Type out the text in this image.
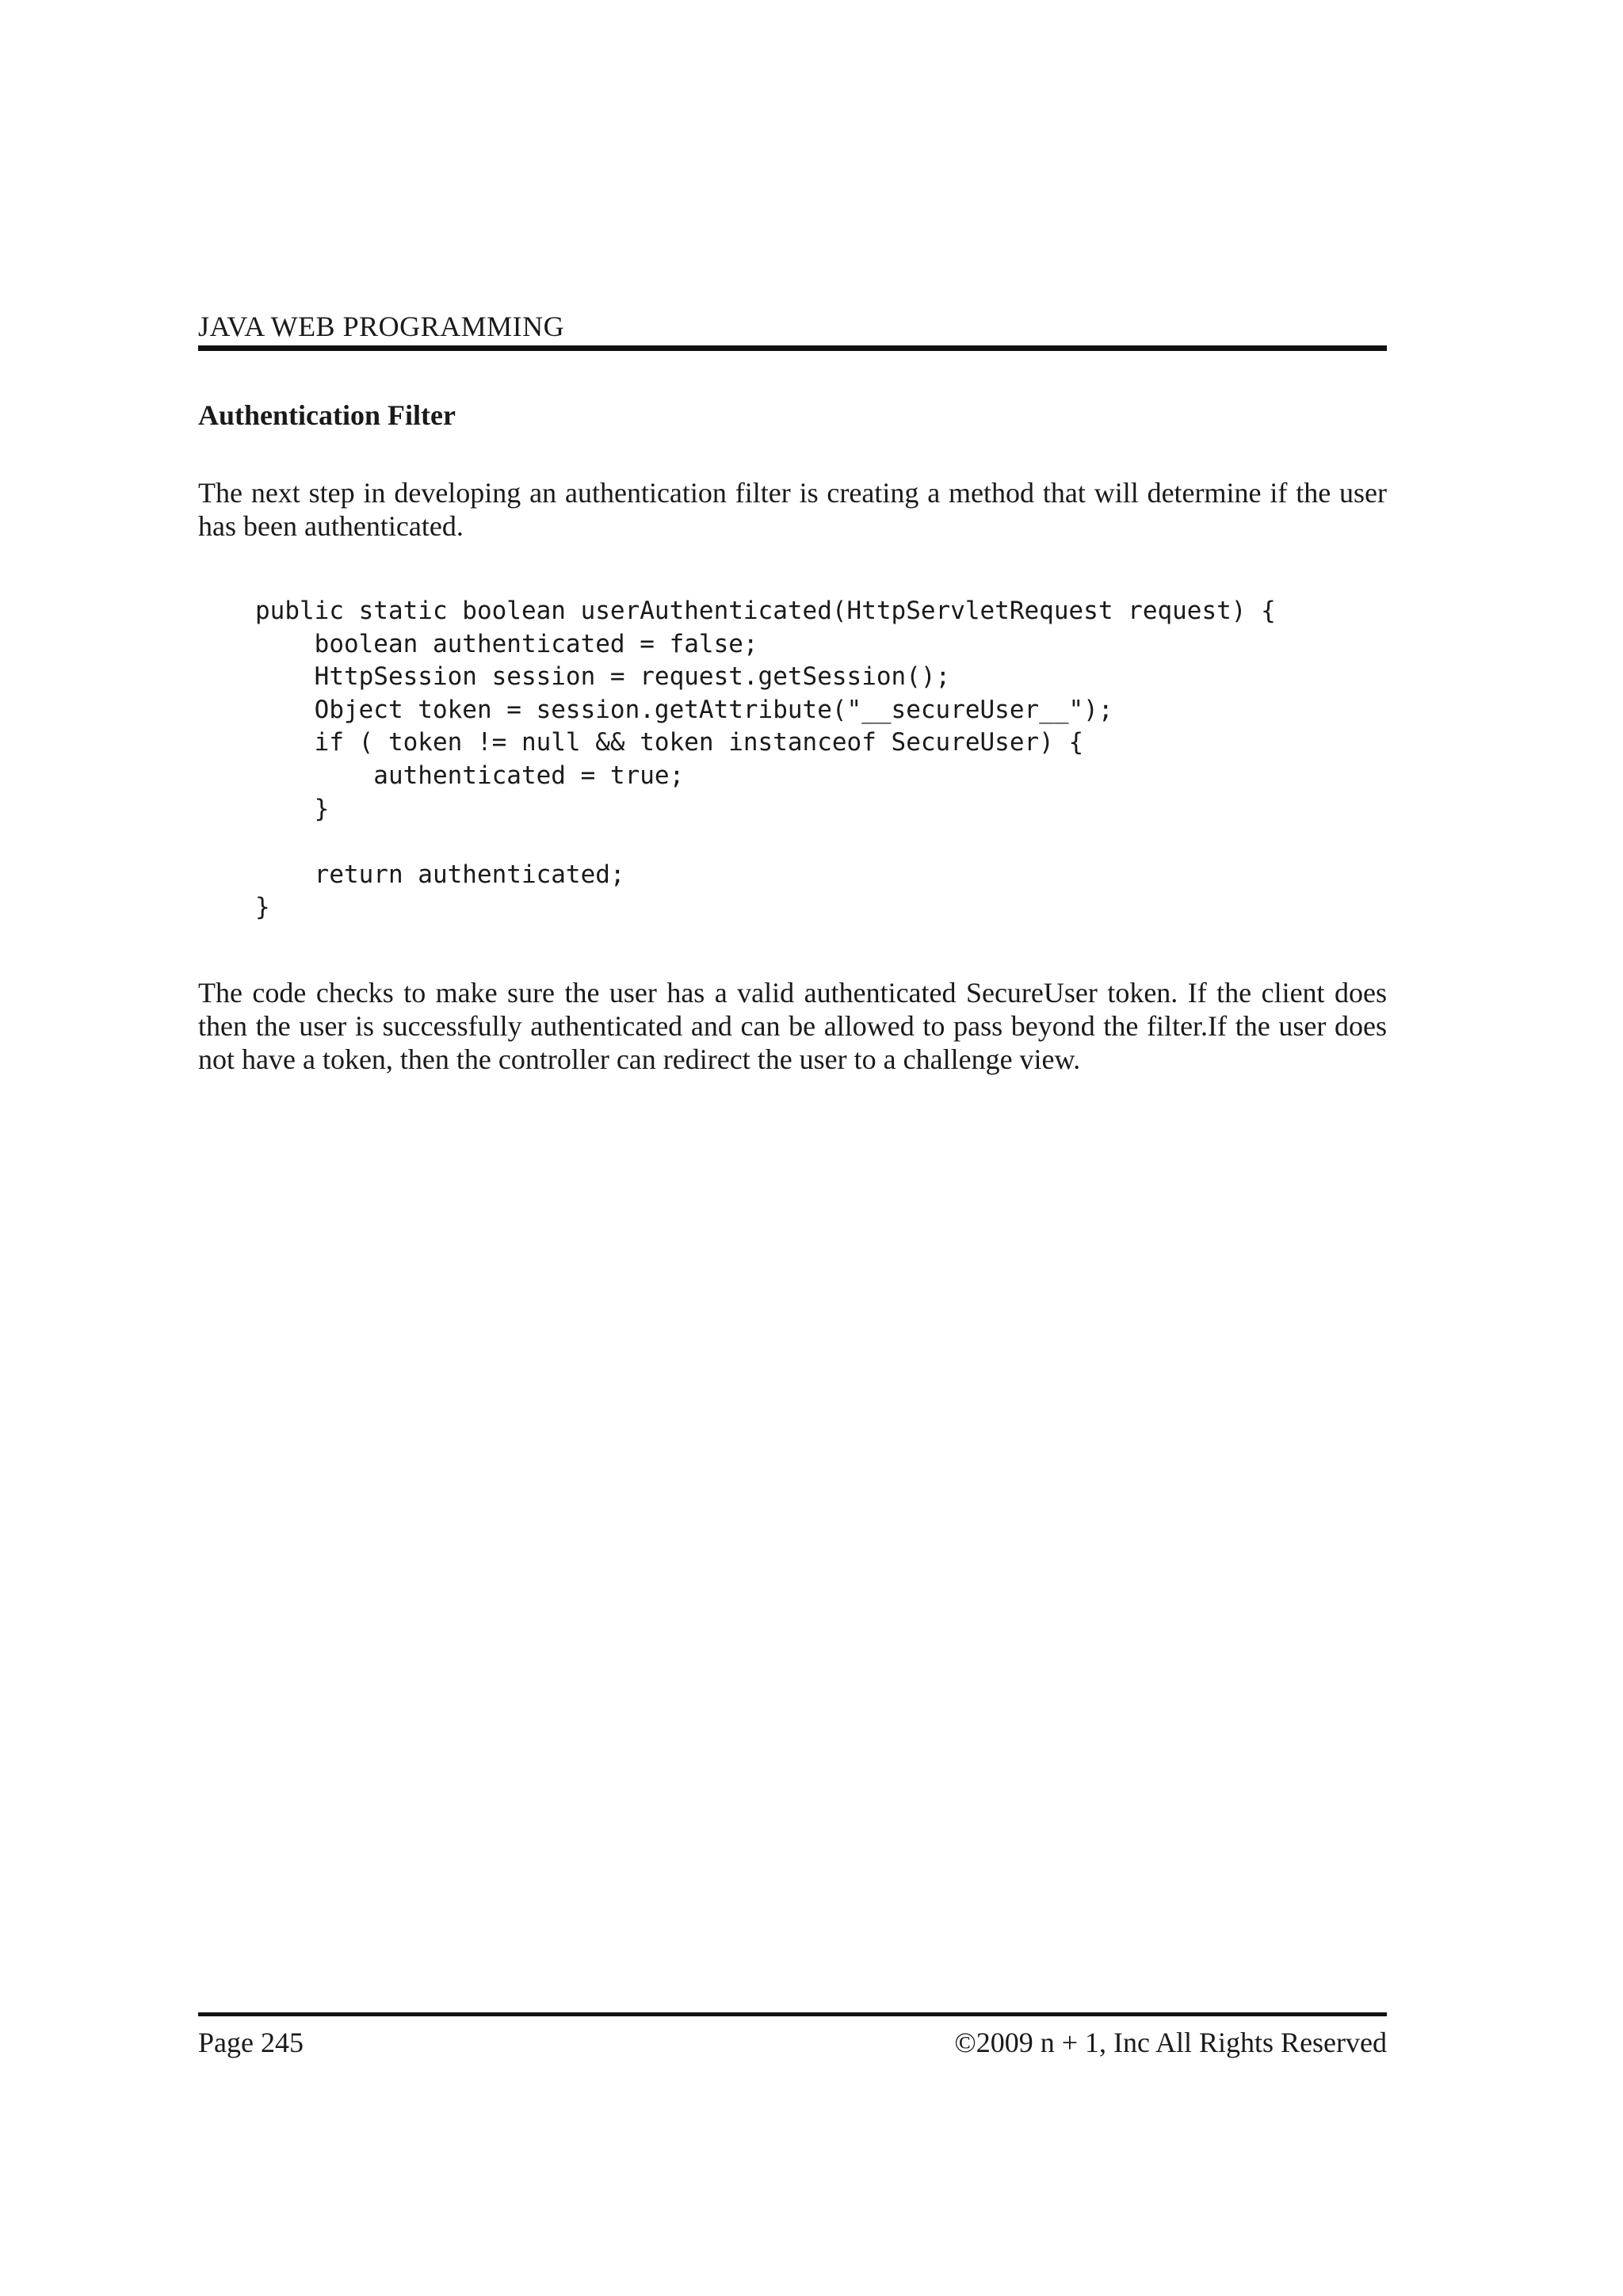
JAVA WEB PROGRAMMING
Authentication Filter

The next step in developing an authentication filter is creating a method that will determine if the user has been authenticated.

public static boolean userAuthenticated(HttpServletRequest request) {
boolean authenticated = false;
HttpSession session = request.getSession();
Object token = session.getAttribute("__secureUser__");
if ( token != null && token instanceof SecureUser) {
authenticated = true;
}
return authenticated;
}

The code checks to make sure the user has a valid authenticated SecureUser token. If the client does then the user is successfully authenticated and can be allowed to pass beyond the filter.If the user does not have a token, then the controller can redirect the user to a challenge view.

Page 245	©2009 n + 1, Inc All Rights Reserved
